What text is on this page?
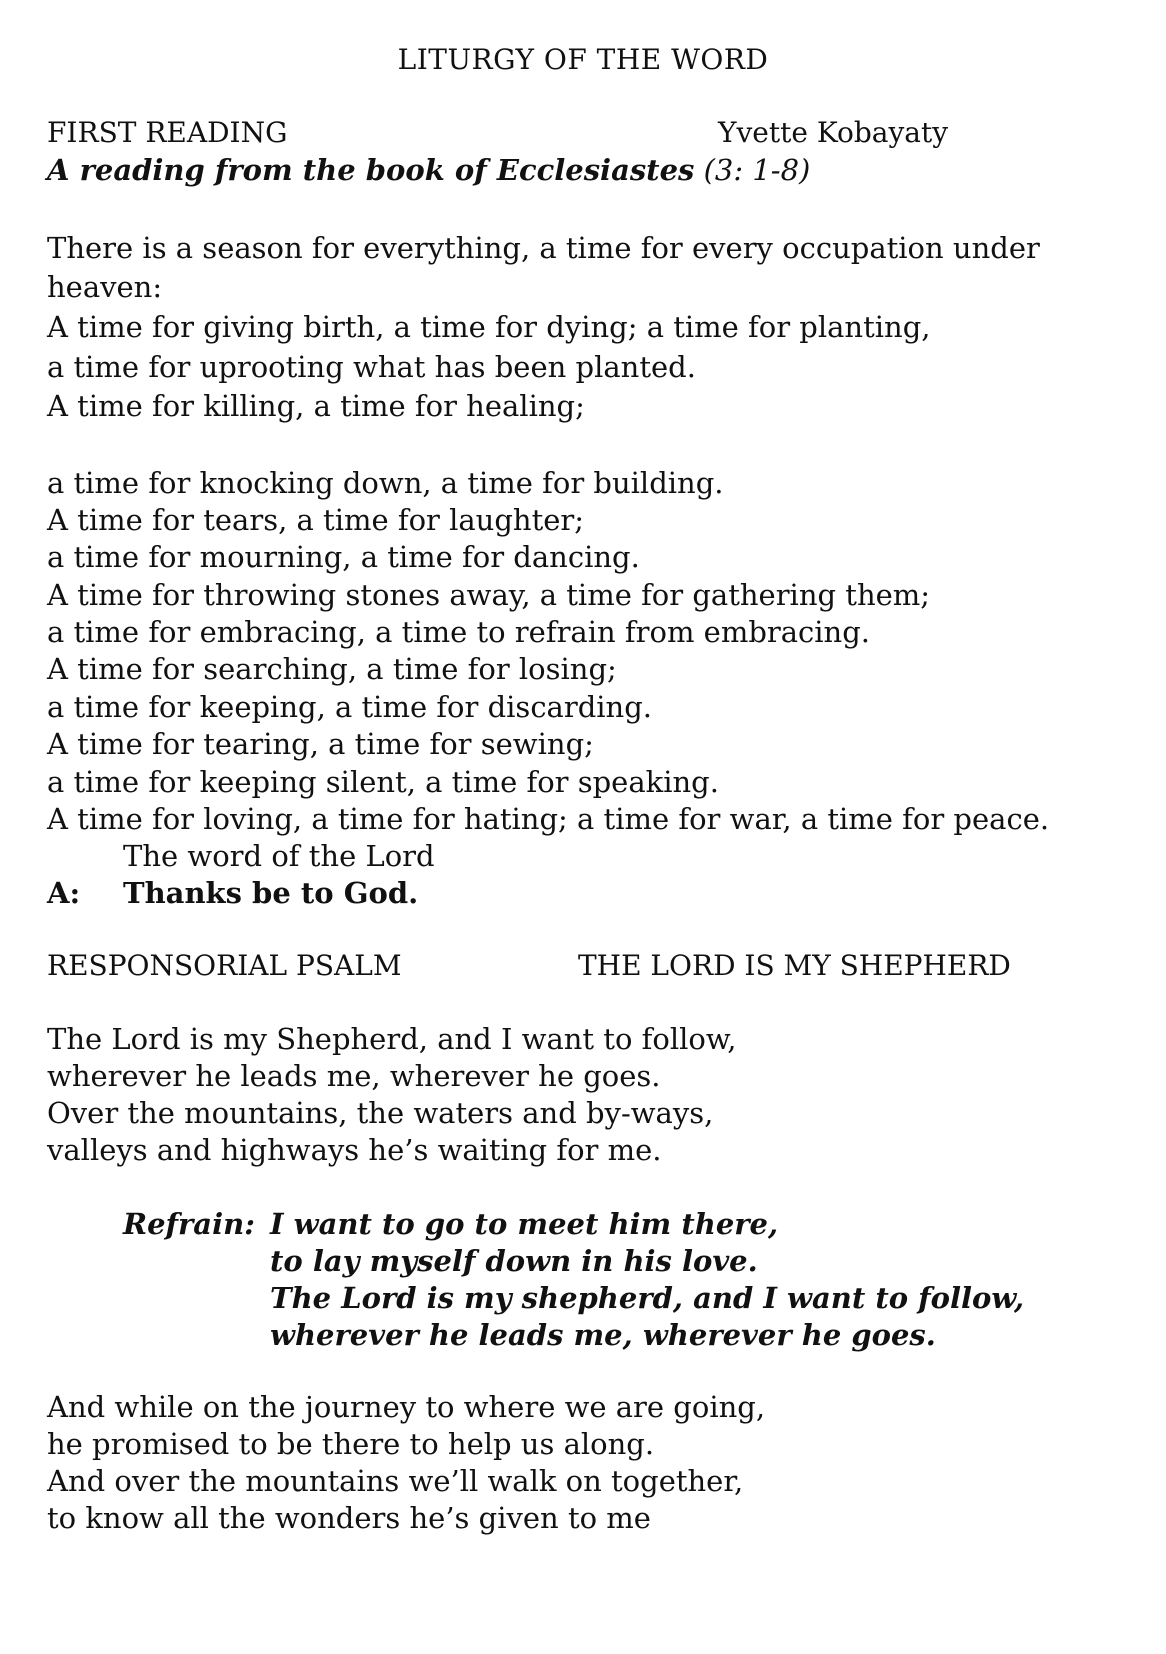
LITURGY OF THE WORD
FIRST READING	Yvette Kobayaty
A reading from the book of Ecclesiastes (3: 1-8)
There is a season for everything, a time for every occupation under
heaven:
A time for giving birth, a time for dying; a time for planting,
a time for uprooting what has been planted.
A time for killing, a time for healing;
a time for knocking down, a time for building.
A time for tears, a time for laughter;
a time for mourning, a time for dancing.
A time for throwing stones away, a time for gathering them;
a time for embracing, a time to refrain from embracing.
A time for searching, a time for losing;
a time for keeping, a time for discarding.
A time for tearing, a time for sewing;
a time for keeping silent, a time for speaking.
A time for loving, a time for hating; a time for war, a time for peace.
The word of the Lord
A: Thanks be to God.
RESPONSORIAL PSALM	THE LORD IS MY SHEPHERD
The Lord is my Shepherd, and I want to follow,
wherever he leads me, wherever he goes.
Over the mountains, the waters and by-ways,
valleys and highways he’s waiting for me.
Refrain: I want to go to meet him there,
to lay myself down in his love.
The Lord is my shepherd, and I want to follow,
wherever he leads me, wherever he goes.
And while on the journey to where we are going,
he promised to be there to help us along.
And over the mountains we’ll walk on together,
to know all the wonders he’s given to me
